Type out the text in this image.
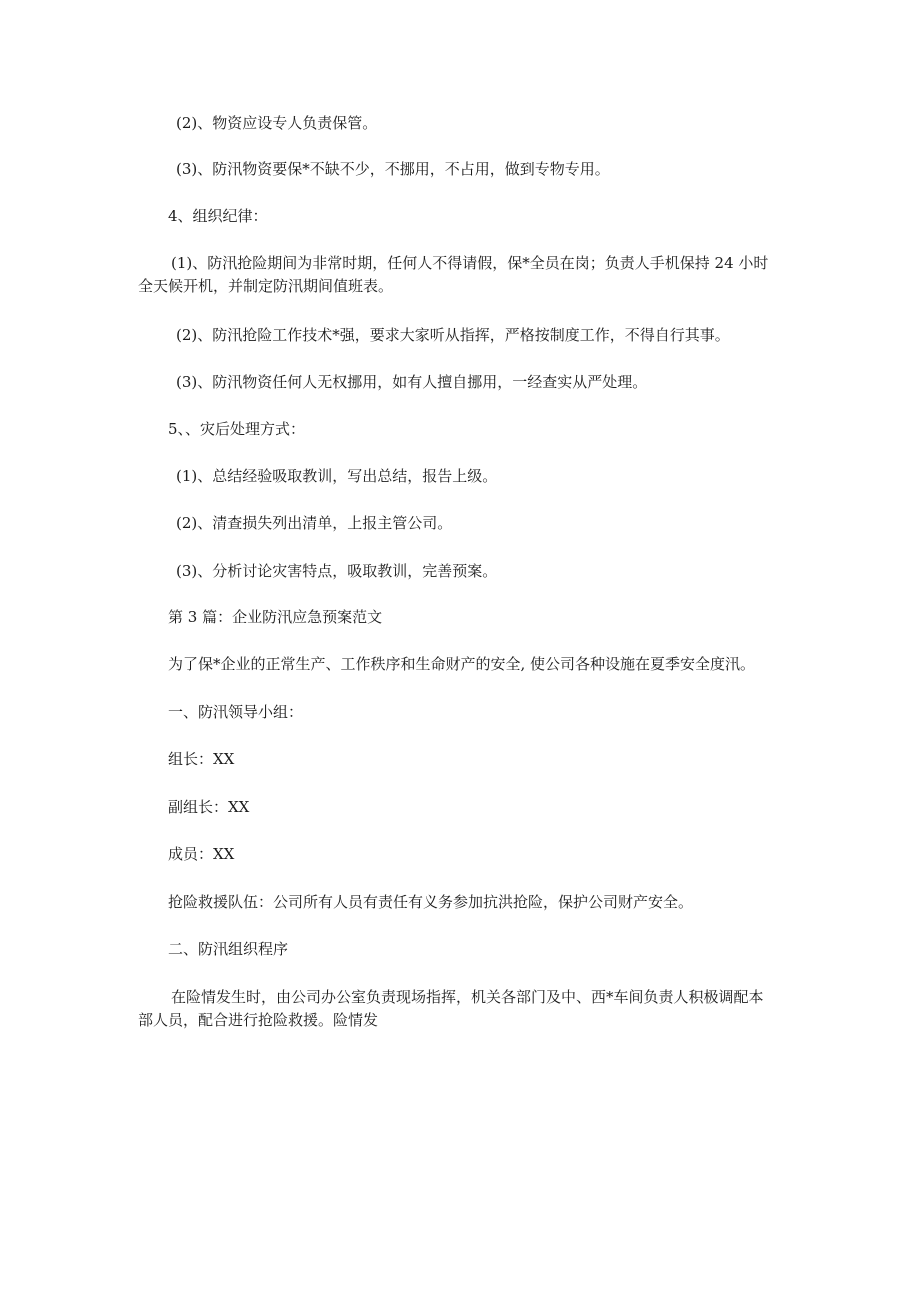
(2)、物资应设专人负责保管。

(3)、防汛物资要保*不缺不少，不挪用，不占用，做到专物专用。

4、组织纪律：

(1)、防汛抢险期间为非常时期，任何人不得请假，保*全员在岗；负责人手机保持 24 小时
全天候开机，并制定防汛期间值班表。

(2)、防汛抢险工作技术*强，要求大家听从指挥，严格按制度工作，不得自行其事。

(3)、防汛物资任何人无权挪用，如有人擅自挪用，一经查实从严处理。

5、、灾后处理方式：

(1)、总结经验吸取教训，写出总结，报告上级。

(2)、清查损失列出清单，上报主管公司。

(3)、分析讨论灾害特点，吸取教训，完善预案。

第 3 篇：企业防汛应急预案范文

为了保*企业的正常生产、工作秩序和生命财产的安全, 使公司各种设施在夏季安全度汛。

一、防汛领导小组：

组长：XX

副组长：XX

成员：XX

抢险救援队伍：公司所有人员有责任有义务参加抗洪抢险，保护公司财产安全。

二、防汛组织程序

在险情发生时，由公司办公室负责现场指挥，机关各部门及中、西*车间负责人积极调配本
部人员，配合进行抢险救援。险情发
